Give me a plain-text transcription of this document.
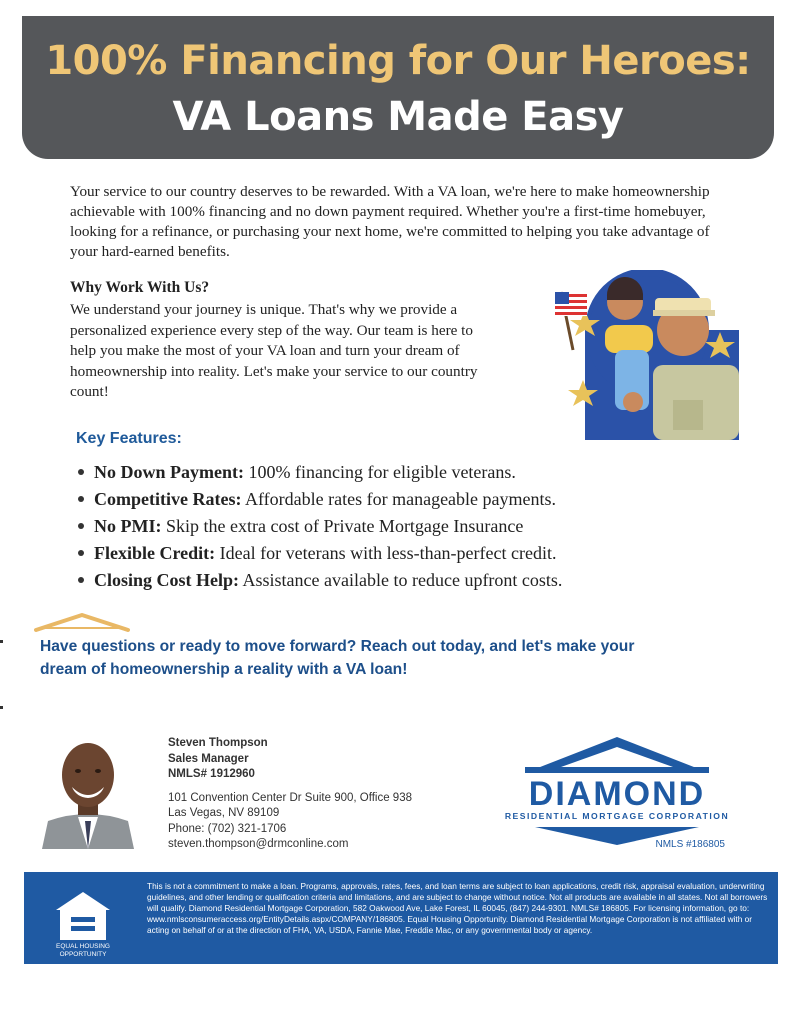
100% Financing for Our Heroes:
VA Loans Made Easy
Your service to our country deserves to be rewarded. With a VA loan, we're here to make homeownership achievable with 100% financing and no down payment required. Whether you're a first-time homebuyer, looking for a refinance, or purchasing your next home, we're committed to helping you take advantage of your hard-earned benefits.
Why Work With Us?
We understand your journey is unique. That's why we provide a personalized experience every step of the way. Our team is here to help you make the most of your VA loan and turn your dream of homeownership into reality. Let's make your service to our country count!
Key Features:
No Down Payment: 100% financing for eligible veterans.
Competitive Rates: Affordable rates for manageable payments.
No PMI: Skip the extra cost of Private Mortgage Insurance
Flexible Credit: Ideal for veterans with less-than-perfect credit.
Closing Cost Help: Assistance available to reduce upfront costs.
Have questions or ready to move forward? Reach out today, and let's make your
dream of homeownership a reality with a VA loan!
Steven Thompson
Sales Manager
NMLS# 1912960
101 Convention Center Dr Suite 900, Office 938
Las Vegas, NV 89109
Phone: (702) 321-1706
steven.thompson@drmconline.com
DIAMOND
RESIDENTIAL MORTGAGE CORPORATION
NMLS #186805
EQUAL HOUSING
OPPORTUNITY
This is not a commitment to make a loan. Programs, approvals, rates, fees, and loan terms are subject to loan applications, credit risk, appraisal evaluation, underwriting guidelines, and other lending or qualification criteria and limitations, and are subject to change without notice. Not all products are available in all states. Not all borrowers will qualify. Diamond Residential Mortgage Corporation, 582 Oakwood Ave, Lake Forest, IL 60045, (847) 244-9301. NMLS# 186805. For licensing information, go to: www.nmlsconsumeraccess.org/EntityDetails.aspx/COMPANY/186805. Equal Housing Opportunity. Diamond Residential Mortgage Corporation is not affiliated with or acting on behalf of or at the direction of FHA, VA, USDA, Fannie Mae, Freddie Mac, or any governmental body or agency.
